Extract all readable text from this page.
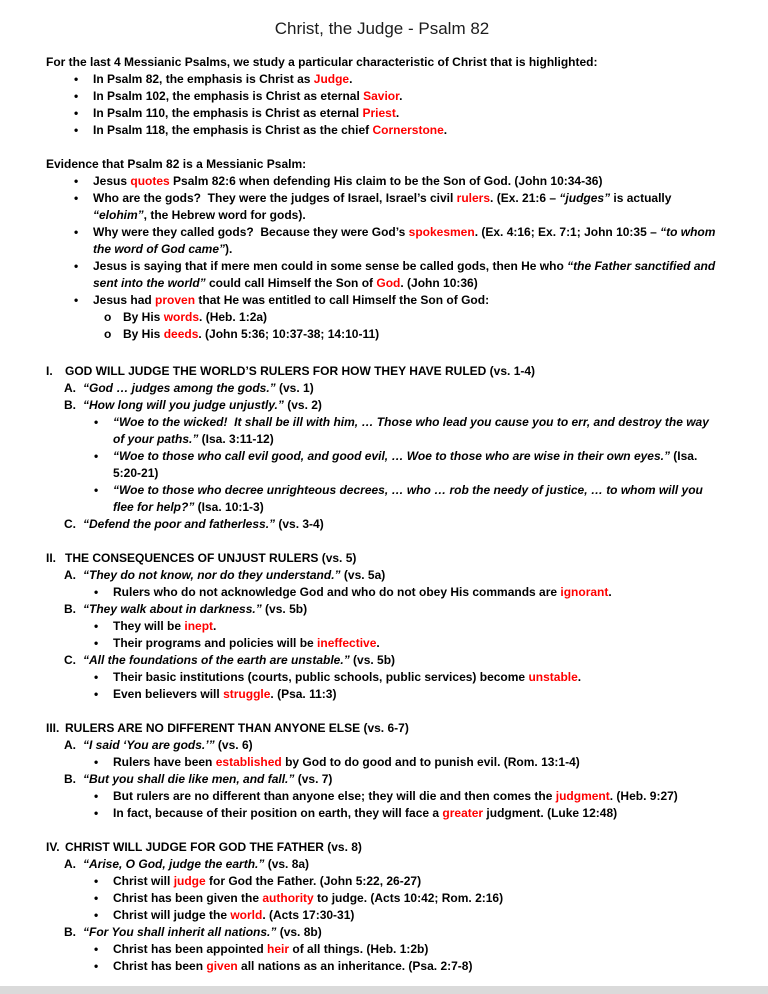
Christ, the Judge - Psalm 82
For the last 4 Messianic Psalms, we study a particular characteristic of Christ that is highlighted:
•	In Psalm 82, the emphasis is Christ as Judge.
•	In Psalm 102, the emphasis is Christ as eternal Savior.
•	In Psalm 110, the emphasis is Christ as eternal Priest.
•	In Psalm 118, the emphasis is Christ as the chief Cornerstone.
Evidence that Psalm 82 is a Messianic Psalm:
•	Jesus quotes Psalm 82:6 when defending His claim to be the Son of God. (John 10:34-36)
•	Who are the gods?  They were the judges of Israel, Israel’s civil rulers. (Ex. 21:6 – “judges” is actually “elohim”, the Hebrew word for gods).
•	Why were they called gods?  Because they were God’s spokesmen. (Ex. 4:16; Ex. 7:1; John 10:35 – “to whom the word of God came”).
•	Jesus is saying that if mere men could in some sense be called gods, then He who “the Father sanctified and sent into the world” could call Himself the Son of God. (John 10:36)
•	Jesus had proven that He was entitled to call Himself the Son of God:
o By His words. (Heb. 1:2a)
o By His deeds. (John 5:36; 10:37-38; 14:10-11)
I.	GOD WILL JUDGE THE WORLD’S RULERS FOR HOW THEY HAVE RULED (vs. 1-4)
A. “God … judges among the gods.” (vs. 1)
B. “How long will you judge unjustly.” (vs. 2)
•	“Woe to the wicked!  It shall be ill with him, … Those who lead you cause you to err, and destroy the way of your paths.” (Isa. 3:11-12)
•	“Woe to those who call evil good, and good evil, … Woe to those who are wise in their own eyes.” (Isa. 5:20-21)
•	“Woe to those who decree unrighteous decrees, … who … rob the needy of justice, … to whom will you flee for help?” (Isa. 10:1-3)
C. “Defend the poor and fatherless.” (vs. 3-4)
II. THE CONSEQUENCES OF UNJUST RULERS (vs. 5)
A. “They do not know, nor do they understand.” (vs. 5a)
•	Rulers who do not acknowledge God and who do not obey His commands are ignorant.
B. “They walk about in darkness.” (vs. 5b)
•	They will be inept.
•	Their programs and policies will be ineffective.
C. “All the foundations of the earth are unstable.” (vs. 5b)
•	Their basic institutions (courts, public schools, public services) become unstable.
•	Even believers will struggle. (Psa. 11:3)
III. RULERS ARE NO DIFFERENT THAN ANYONE ELSE (vs. 6-7)
A. “I said ‘You are gods.’” (vs. 6)
•	Rulers have been established by God to do good and to punish evil. (Rom. 13:1-4)
B. “But you shall die like men, and fall.” (vs. 7)
•	But rulers are no different than anyone else; they will die and then comes the judgment. (Heb. 9:27)
•	In fact, because of their position on earth, they will face a greater judgment. (Luke 12:48)
IV. CHRIST WILL JUDGE FOR GOD THE FATHER (vs. 8)
A. “Arise, O God, judge the earth.” (vs. 8a)
•	Christ will judge for God the Father. (John 5:22, 26-27)
•	Christ has been given the authority to judge. (Acts 10:42; Rom. 2:16)
•	Christ will judge the world. (Acts 17:30-31)
B. “For You shall inherit all nations.” (vs. 8b)
•	Christ has been appointed heir of all things. (Heb. 1:2b)
•	Christ has been given all nations as an inheritance. (Psa. 2:7-8)
